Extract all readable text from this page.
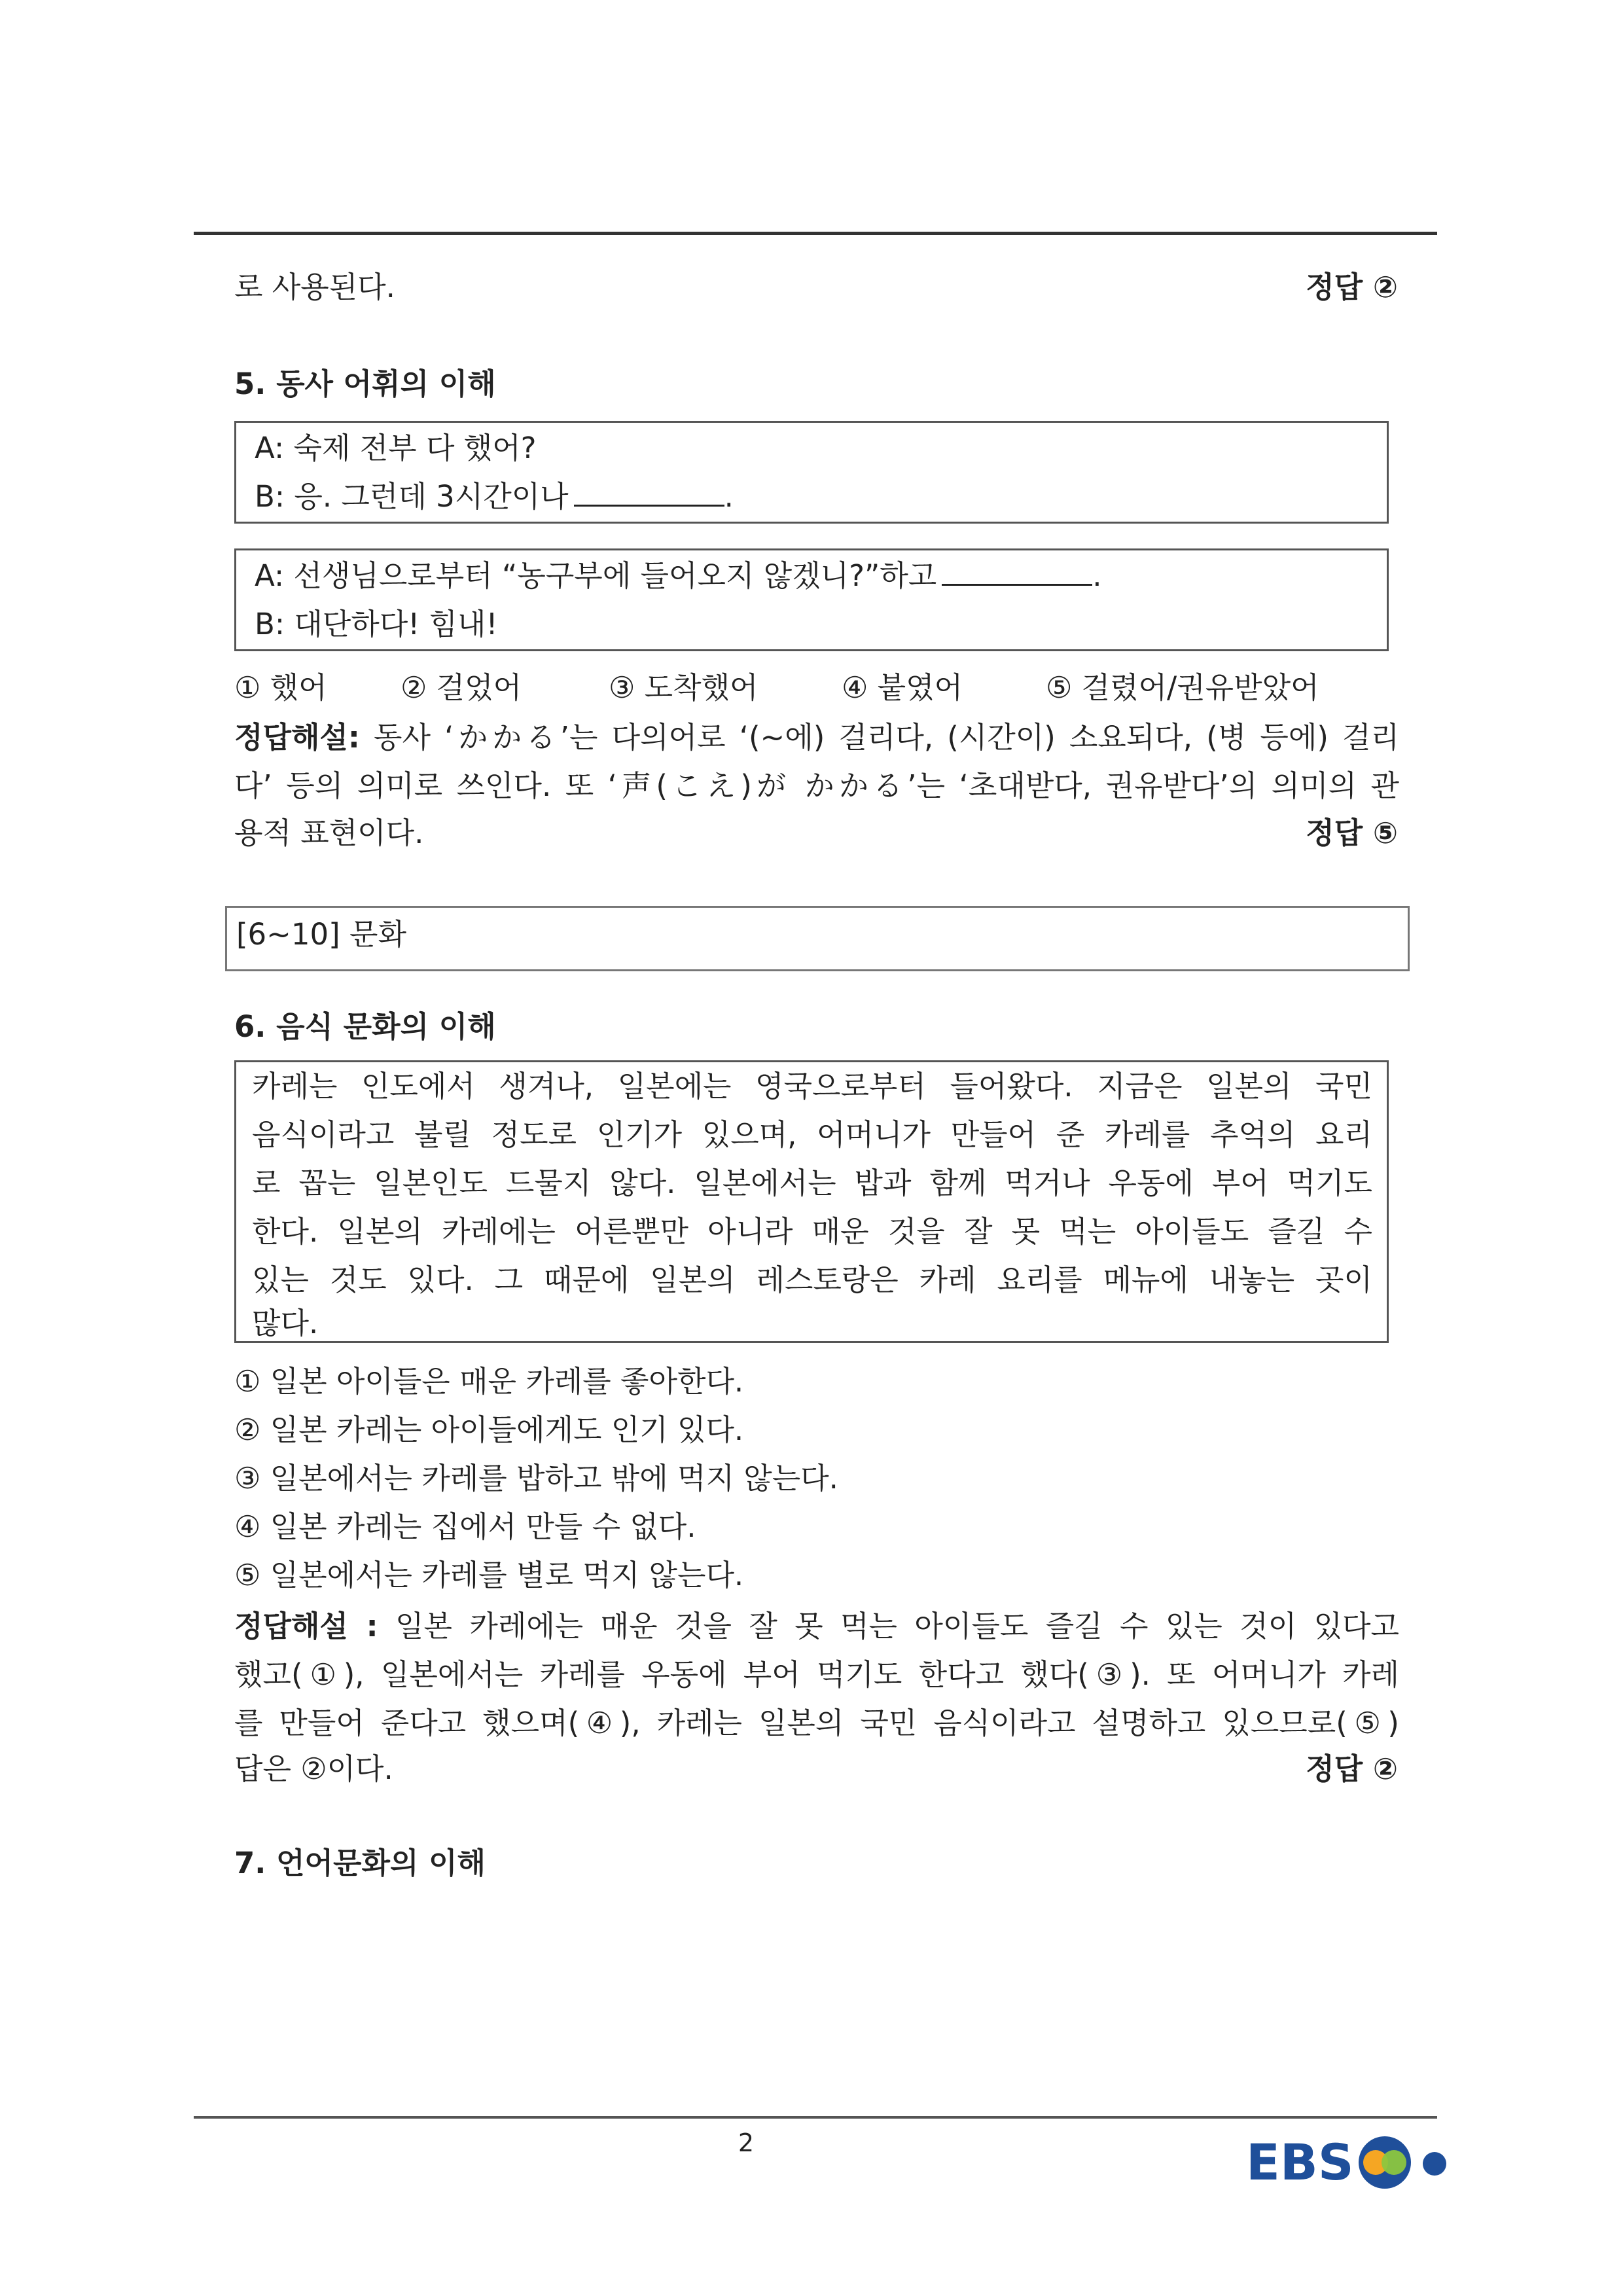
로 사용된다.	정답 ②
5. 동사 어휘의 이해
A: 숙제 전부 다 했어?
B: 응. 그런데 3시간이나	.
A: 선생님으로부터 “농구부에 들어오지 않겠니?”하고	.
B: 대단하다! 힘내!
① 했어 ② 걸었어	③ 도착했어	④ 붙였어	⑤ 걸렸어/권유받았어
정답해설: 동사 ‘かかる’는 다의어로 ‘(~에) 걸리다, (시간이) 소요되다, (병 등에) 걸리
다’ 등의 의미로 쓰인다. 또 ‘声(こえ)が かかる’는 ‘초대받다, 권유받다’의 의미의 관
용적 표현이다.	정답 ⑤
[6~10] 문화
6. 음식 문화의 이해
카레는 인도에서 생겨나, 일본에는 영국으로부터 들어왔다. 지금은 일본의 국민
음식이라고 불릴 정도로 인기가 있으며, 어머니가 만들어 준 카레를 추억의 요리
로 꼽는 일본인도 드물지 않다. 일본에서는 밥과 함께 먹거나 우동에 부어 먹기도
한다. 일본의 카레에는 어른뿐만 아니라 매운 것을 잘 못 먹는 아이들도 즐길 수
있는 것도 있다. 그 때문에 일본의 레스토랑은 카레 요리를 메뉴에 내놓는 곳이
많다.
① 일본 아이들은 매운 카레를 좋아한다.
② 일본 카레는 아이들에게도 인기 있다.
③ 일본에서는 카레를 밥하고 밖에 먹지 않는다.
④ 일본 카레는 집에서 만들 수 없다.
⑤ 일본에서는 카레를 별로 먹지 않는다.
정답해설 : 일본 카레에는 매운 것을 잘 못 먹는 아이들도 즐길 수 있는 것이 있다고
했고(①), 일본에서는 카레를 우동에 부어 먹기도 한다고 했다(③). 또 어머니가 카레
를 만들어 준다고 했으며(④), 카레는 일본의 국민 음식이라고 설명하고 있으므로(⑤)
답은 ②이다.	정답 ②
7. 언어문화의 이해
2	EBS
